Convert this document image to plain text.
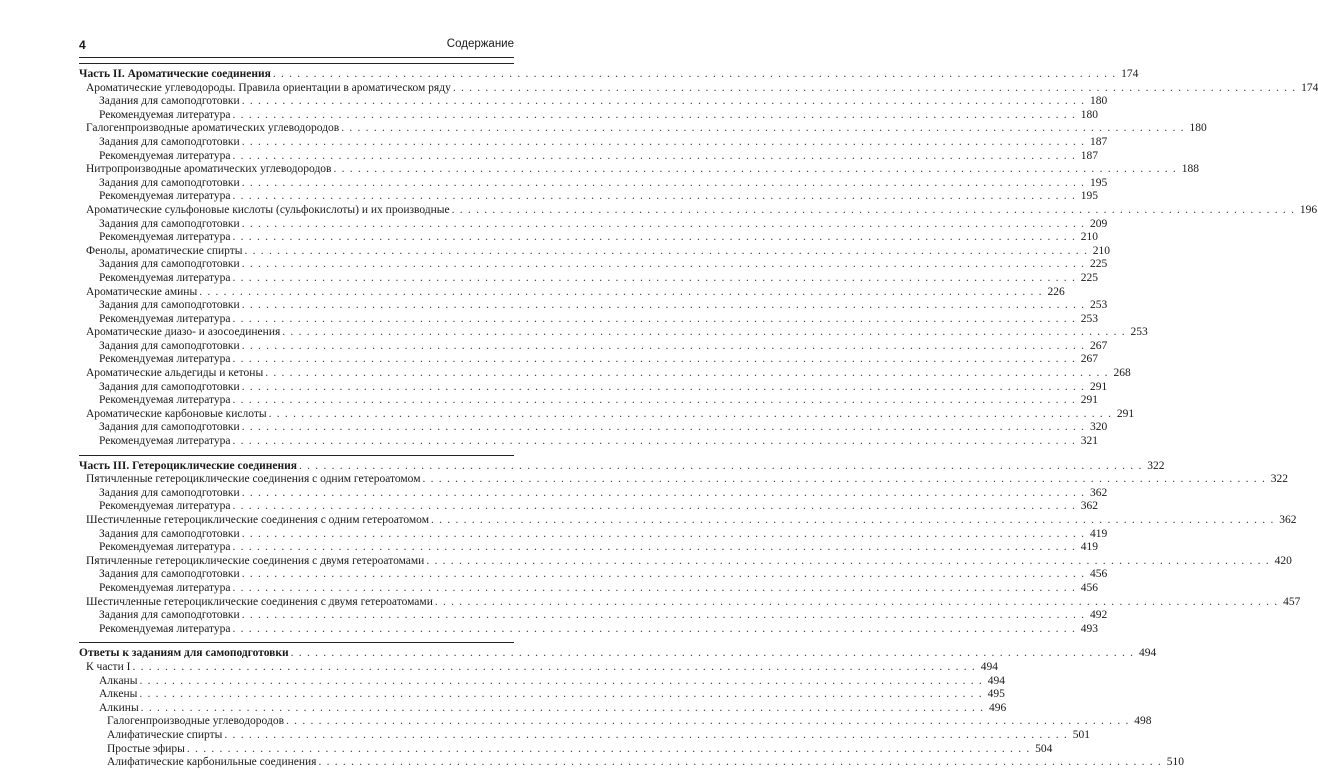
4	Содержание
Часть II. Ароматические соединения . . .	174
Ароматические углеводороды. Правила ориентации в ароматическом ряду . . .	174
Задания для самоподготовки . . .	180
Рекомендуемая литература . . .	180
Галогенпроизводные ароматических углеводородов . . .	180
Задания для самоподготовки . . .	187
Рекомендуемая литература . . .	187
Нитропроизводные ароматических углеводородов . . .	188
Задания для самоподготовки . . .	195
Рекомендуемая литература . . .	195
Ароматические сульфоновые кислоты (сульфокислоты) и их производные . . .	196
Задания для самоподготовки . . .	209
Рекомендуемая литература . . .	210
Фенолы, ароматические спирты . . .	210
Задания для самоподготовки . . .	225
Рекомендуемая литература . . .	225
Ароматические амины . . .	226
Задания для самоподготовки . . .	253
Рекомендуемая литература . . .	253
Ароматические диазо- и азосоединения . . .	253
Задания для самоподготовки . . .	267
Рекомендуемая литература . . .	267
Ароматические альдегиды и кетоны . . .	268
Задания для самоподготовки . . .	291
Рекомендуемая литература . . .	291
Ароматические карбоновые кислоты . . .	291
Задания для самоподготовки . . .	320
Рекомендуемая литература . . .	321
Часть III. Гетероциклические соединения . . .	322
Пятичленные гетероциклические соединения с одним гетероатомом . . .	322
Задания для самоподготовки . . .	362
Рекомендуемая литература . . .	362
Шестичленные гетероциклические соединения с одним гетероатомом . . .	362
Задания для самоподготовки . . .	419
Рекомендуемая литература . . .	419
Пятичленные гетероциклические соединения с двумя гетероатомами . . .	420
Задания для самоподготовки . . .	456
Рекомендуемая литература . . .	456
Шестичленные гетероциклические соединения с двумя гетероатомами . . .	457
Задания для самоподготовки . . .	492
Рекомендуемая литература . . .	493
Ответы к заданиям для самоподготовки . . .	494
К части I . . .	494
Алканы . . .	494
Алкены . . .	495
Алкины . . .	496
Галогенпроизводные углеводородов . . .	498
Алифатические спирты . . .	501
Простые эфиры . . .	504
Алифатические карбонильные соединения . . .	510
